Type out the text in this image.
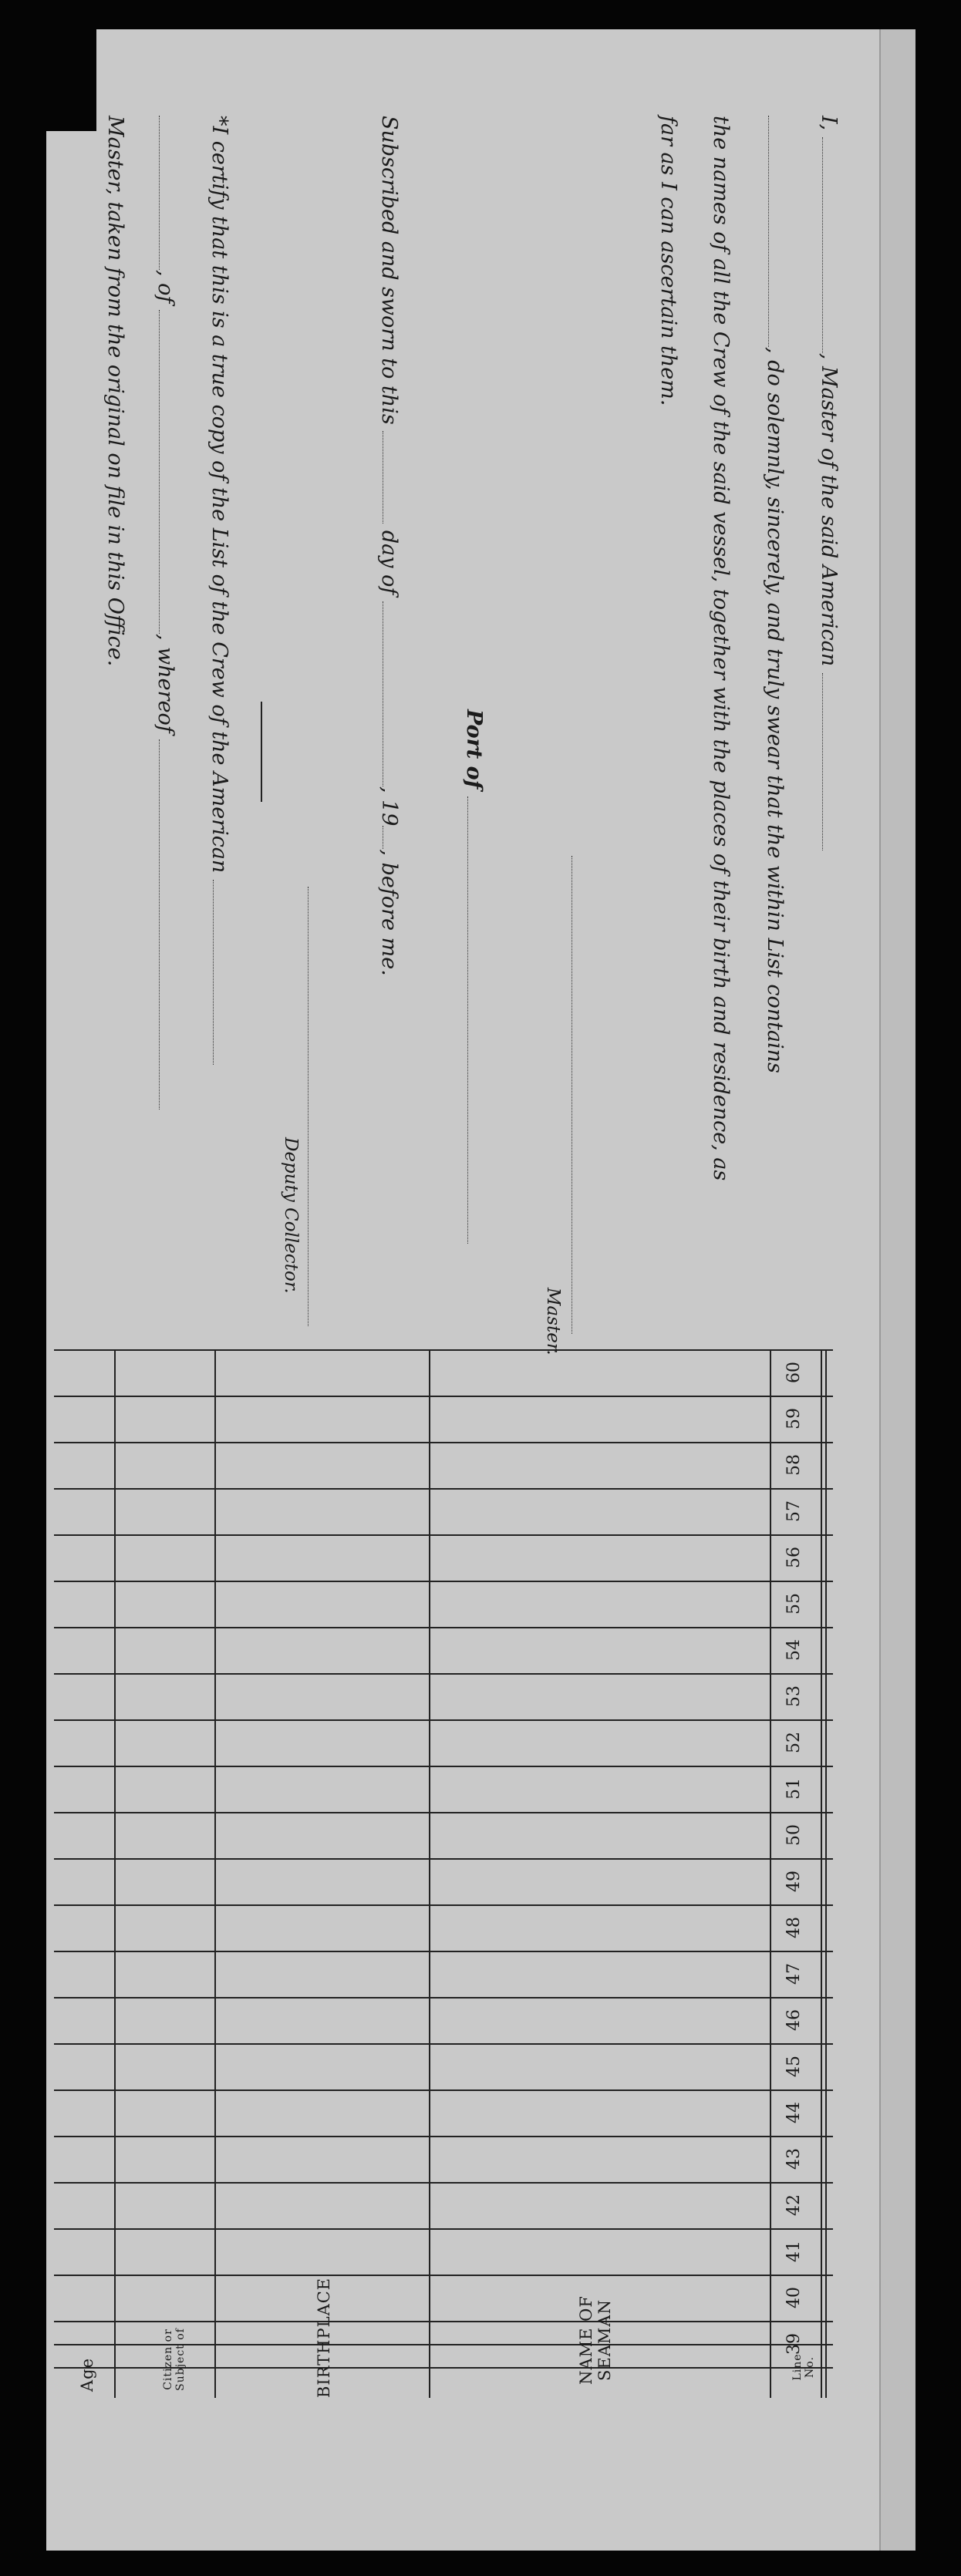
I, , Master of the said American
, do solemnly, sincerely, and truly swear that the within List contains
the names of all the Crew of the said vessel, together with the places of their birth and residence, as
far as I can ascertain them.
Master.
Port of
Subscribed and sworn to this  day of , 19, before me.
Deputy Collector.
*I certify that this is a true copy of the List of the Crew of the American
, of , whereof
Master, taken from the original on file in this Office.
Line No.
NAME OF SEAMAN
BIRTHPLACE
Citizen or Subject of
Age
60
59
58
57
56
55
54
53
52
51
50
49
48
47
46
45
44
43
42
41
40
39
